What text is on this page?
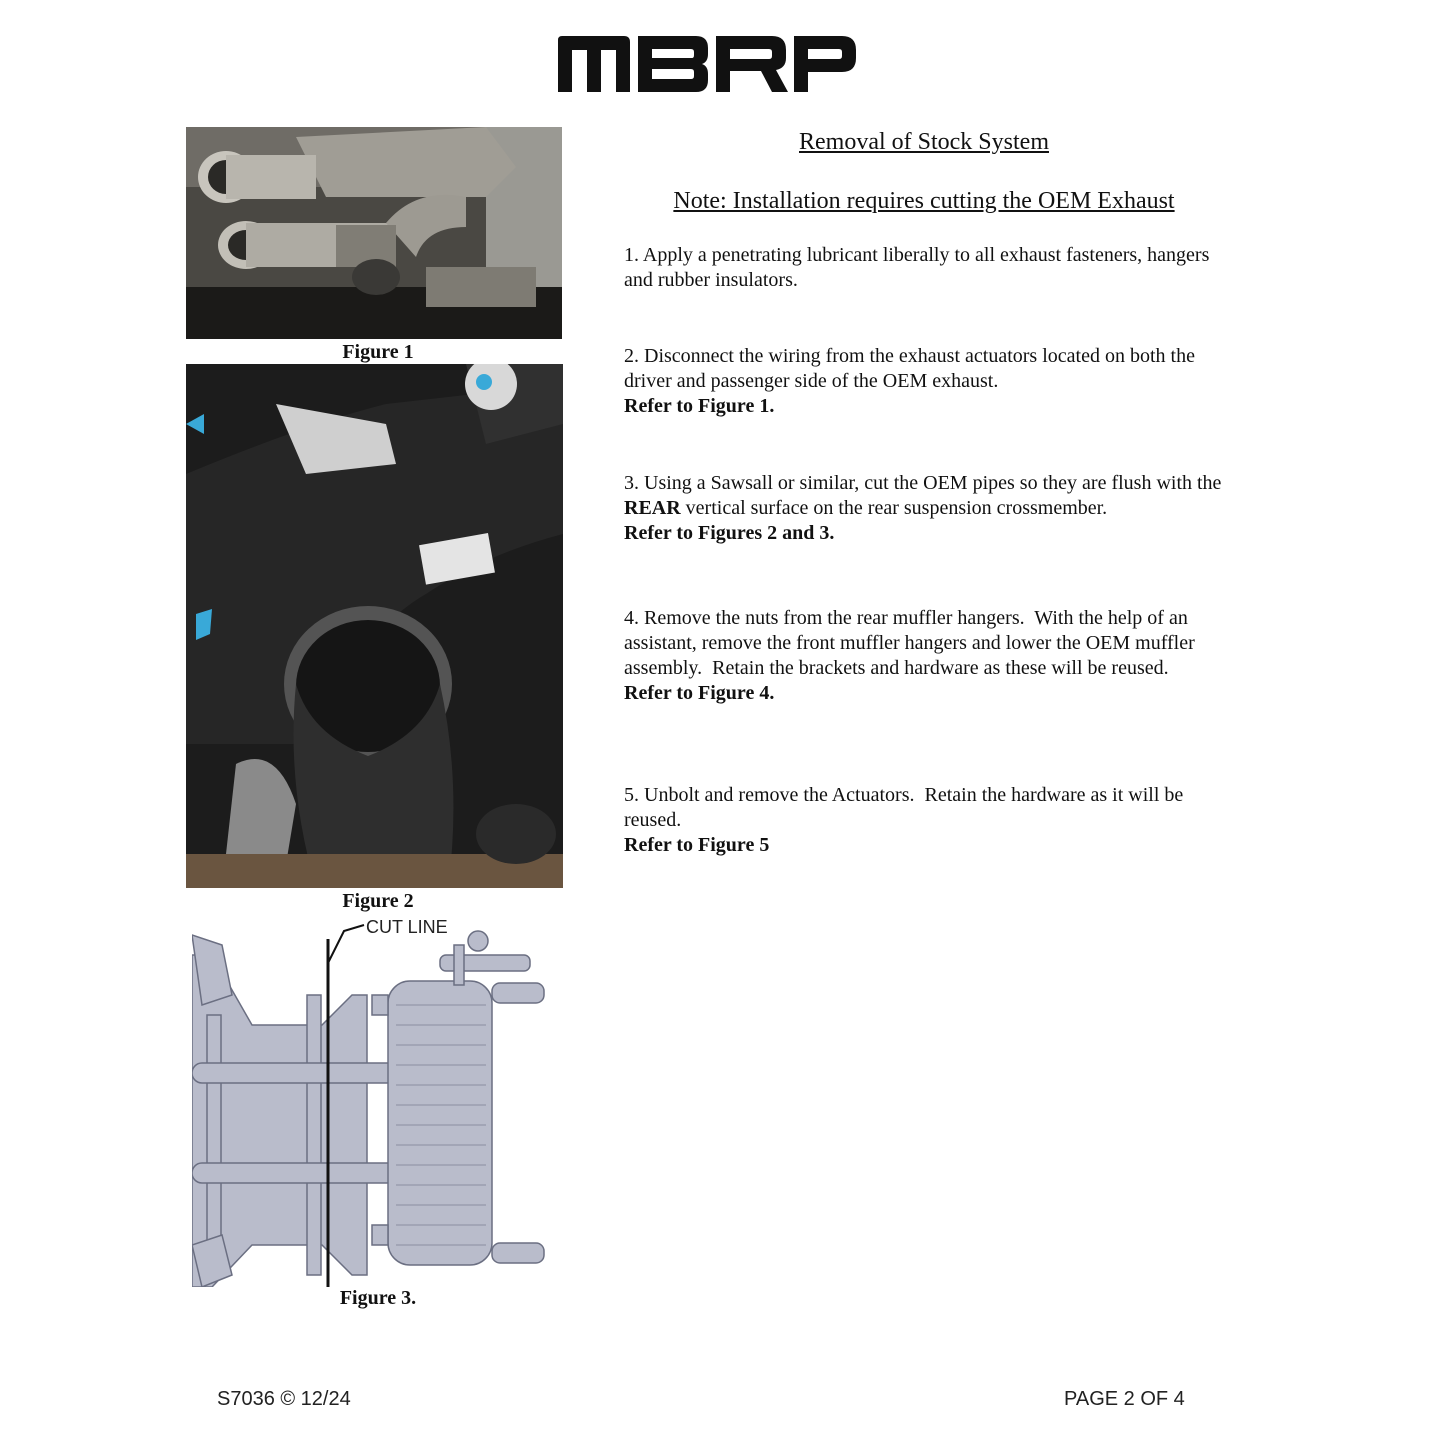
Figure 1
Figure 2
CUT LINE
Figure 3.
Removal of Stock System
Note: Installation requires cutting the OEM Exhaust
1. Apply a penetrating lubricant liberally to all exhaust fasteners, hangers and rubber insulators.
2. Disconnect the wiring from the exhaust actuators located on both the driver and passenger side of the OEM exhaust.
Refer to Figure 1.
3. Using a Sawsall or similar, cut the OEM pipes so they are flush with the REAR vertical surface on the rear suspension crossmember.
Refer to Figures 2 and 3.
4. Remove the nuts from the rear muffler hangers.  With the help of an assistant, remove the front muffler hangers and lower the OEM muffler assembly.  Retain the brackets and hardware as these will be reused.
Refer to Figure 4.
5. Unbolt and remove the Actuators.  Retain the hardware as it will be reused.
Refer to Figure 5
S7036 © 12/24	PAGE 2 OF 4
